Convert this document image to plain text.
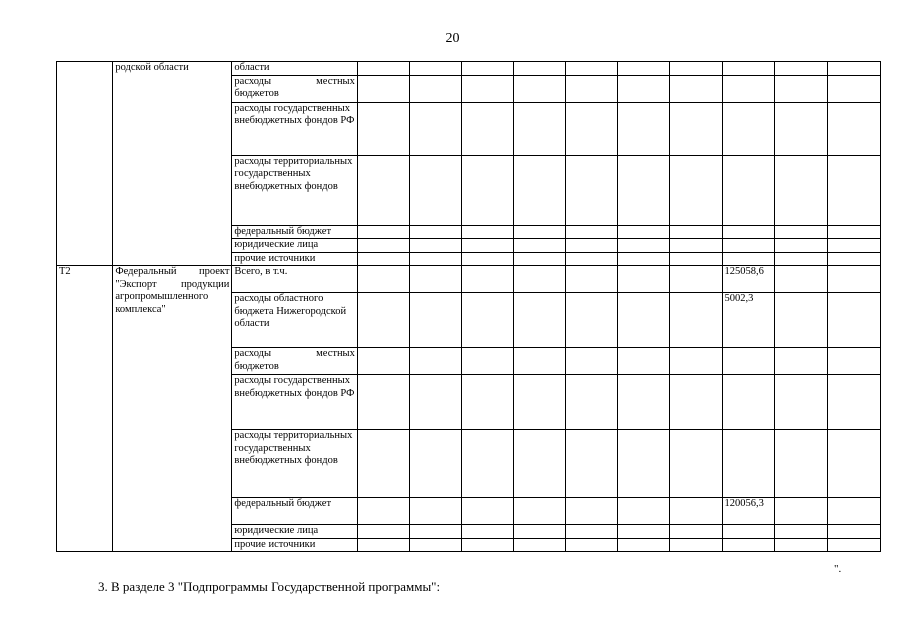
20
	родской области	области										
		расходы местных бюджетов										
		расходы государственных внебюджетных фондов РФ										
		расходы территориальных государственных внебюджетных фондов										
		федеральный бюджет										
		юридические лица										
		прочие источники										
Т2	Федеральный проект "Экспорт продукции агропромышленного комплекса"	Всего, в т.ч.								125058,6		
		расходы областного бюджета Нижегородской области								5002,3		
		расходы местных бюджетов										
		расходы государственных внебюджетных фондов РФ										
		расходы территориальных государственных внебюджетных фондов										
		федеральный бюджет								120056,3		
		юридические лица										
		прочие источники										
".
3. В разделе 3 "Подпрограммы Государственной программы":
